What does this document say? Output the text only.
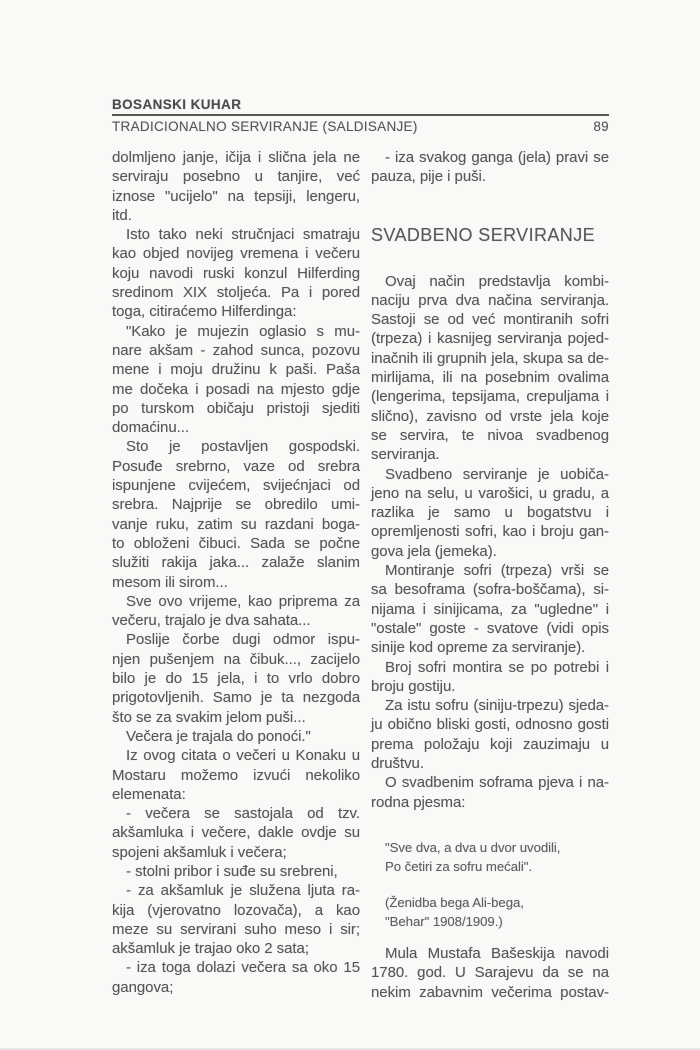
BOSANSKI KUHAR
TRADICIONALNO SERVIRANJE (SALDISANJE)	89
dolmljeno janje, ičija i slična jela ne
serviraju posebno u tanjire, već
iznose "ucijelo" na tepsiji, lengeru,
itd.
Isto tako neki stručnjaci smatraju
kao objed novijeg vremena i večeru
koju navodi ruski konzul Hilferding
sredinom XIX stoljeća. Pa i pored
toga, citiraćemo Hilferdinga:
"Kako je mujezin oglasio s mu-
nare akšam - zahod sunca, pozovu
mene i moju družinu k paši. Paša
me dočeka i posadi na mjesto gdje
po turskom običaju pristoji sjediti
domaćinu...
Sto je postavljen gospodski.
Posuđe srebrno, vaze od srebra
ispunjene cvijećem, svijećnjaci od
srebra. Najprije se obredilo umi-
vanje ruku, zatim su razdani boga-
to obloženi čibuci. Sada se počne
služiti rakija jaka... zalaže slanim
mesom ili sirom...
Sve ovo vrijeme, kao priprema za
večeru, trajalo je dva sahata...
Poslije čorbe dugi odmor ispu-
njen pušenjem na čibuk..., zacijelo
bilo je do 15 jela, i to vrlo dobro
prigotovljenih. Samo je ta nezgoda
što se za svakim jelom puši...
Večera je trajala do ponoći."
Iz ovog citata o večeri u Konaku u
Mostaru možemo izvući nekoliko
elemenata:
- večera se sastojala od tzv.
akšamluka i večere, dakle ovdje su
spojeni akšamluk i večera;
- stolni pribor i suđe su srebreni,
- za akšamluk je služena ljuta ra-
kija (vjerovatno lozovača), a kao
meze su servirani suho meso i sir;
akšamluk je trajao oko 2 sata;
- iza toga dolazi večera sa oko 15
gangova;
- iza svakog ganga (jela) pravi se
pauza, pije i puši.
SVADBENO SERVIRANJE
Ovaj način predstavlja kombi-
naciju prva dva načina serviranja.
Sastoji se od već montiranih sofri
(trpeza) i kasnijeg serviranja pojed-
inačnih ili grupnih jela, skupa sa de-
mirlijama, ili na posebnim ovalima
(lengerima, tepsijama, crepuljama i
slično), zavisno od vrste jela koje
se servira, te nivoa svadbenog
serviranja.
Svadbeno serviranje je uobiča-
jeno na selu, u varošici, u gradu, a
razlika je samo u bogatstvu i
opremljenosti sofri, kao i broju gan-
gova jela (jemeka).
Montiranje sofri (trpeza) vrši se
sa besoframa (sofra-boščama), si-
nijama i sinijicama, za "ugledne" i
"ostale" goste - svatove (vidi opis
sinije kod opreme za serviranje).
Broj sofri montira se po potrebi i
broju gostiju.
Za istu sofru (siniju-trpezu) sjeda-
ju obično bliski gosti, odnosno gosti
prema položaju koji zauzimaju u
društvu.
O svadbenim soframa pjeva i na-
rodna pjesma:
"Sve dva, a dva u dvor uvodili,
Po četiri za sofru mećali".
(Ženidba bega Ali-bega,
"Behar" 1908/1909.)
Mula Mustafa Bašeskija navodi
1780. god. U Sarajevu da se na
nekim zabavnim večerima postav-
